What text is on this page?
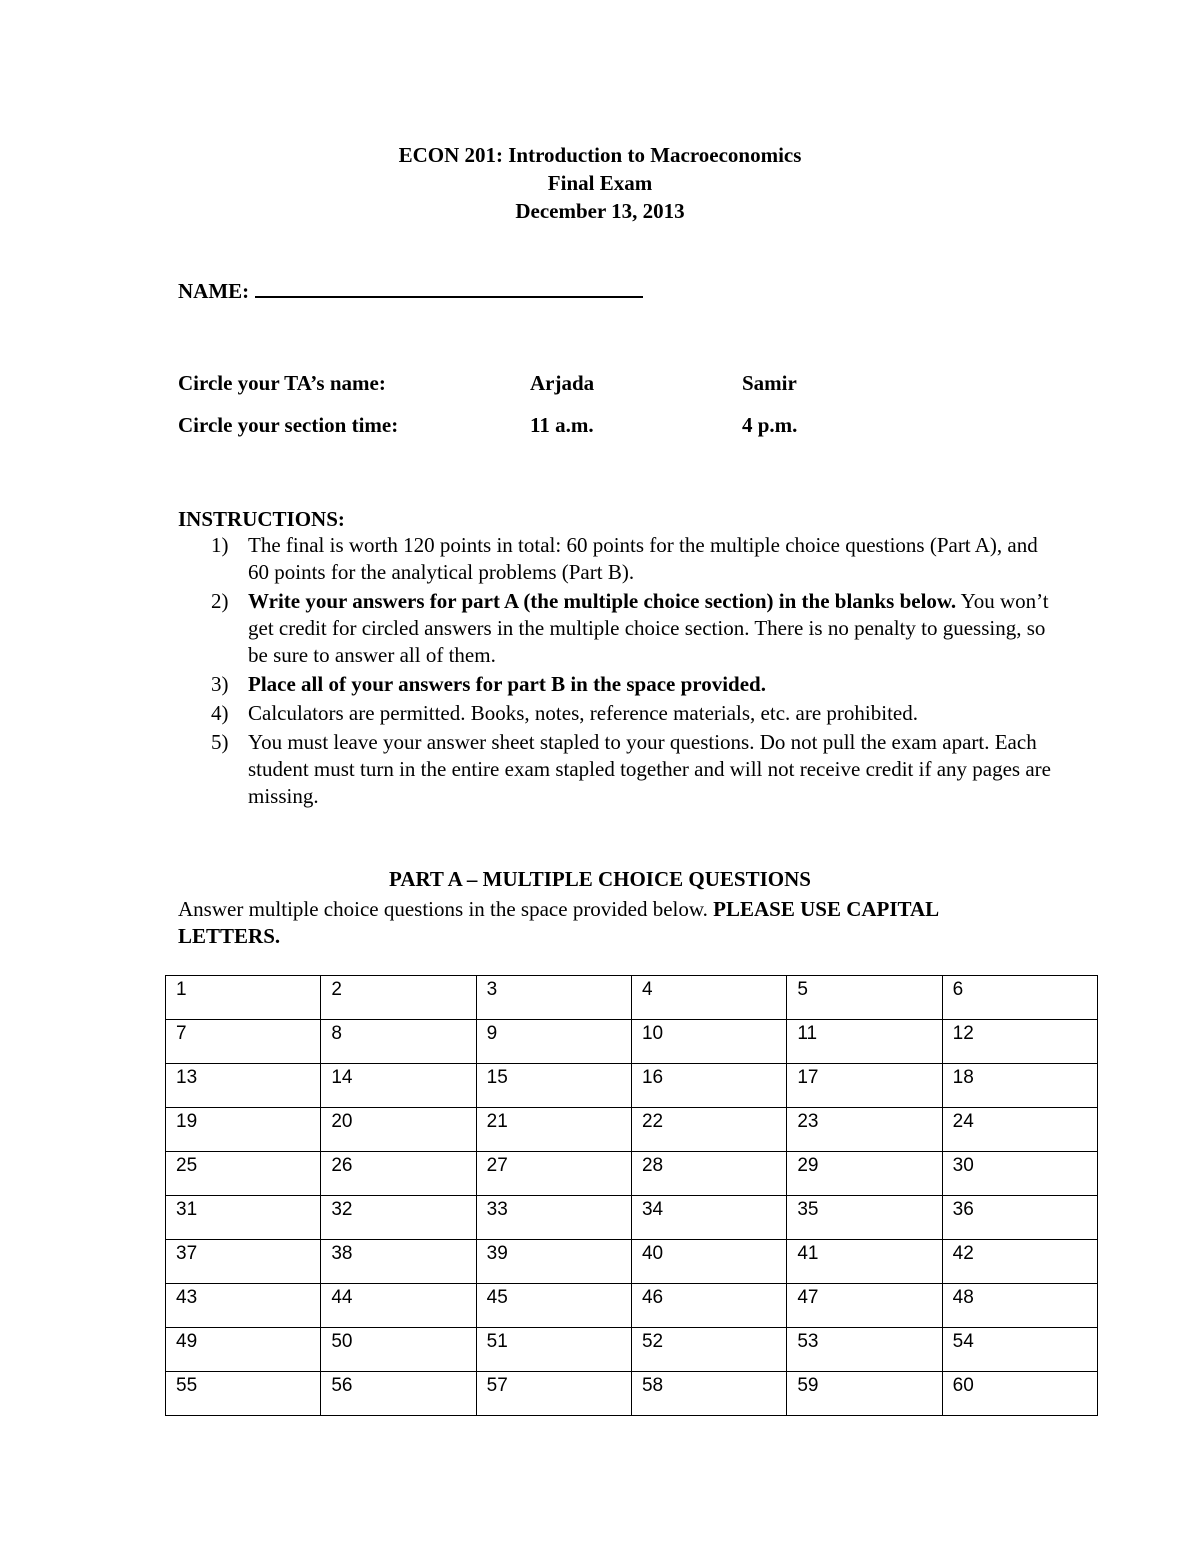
ECON 201: Introduction to Macroeconomics
Final Exam
December 13, 2013
NAME:
Circle your TA’s name:	Arjada	Samir
Circle your section time:	11 a.m.	4 p.m.
INSTRUCTIONS:
1) The final is worth 120 points in total: 60 points for the multiple choice questions (Part A), and 60 points for the analytical problems (Part B).
2) Write your answers for part A (the multiple choice section) in the blanks below. You won’t get credit for circled answers in the multiple choice section. There is no penalty to guessing, so be sure to answer all of them.
3) Place all of your answers for part B in the space provided.
4) Calculators are permitted. Books, notes, reference materials, etc. are prohibited.
5) You must leave your answer sheet stapled to your questions. Do not pull the exam apart. Each student must turn in the entire exam stapled together and will not receive credit if any pages are missing.
PART A – MULTIPLE CHOICE QUESTIONS
Answer multiple choice questions in the space provided below. PLEASE USE CAPITAL LETTERS.
1	2	3	4	5	6
7	8	9	10	11	12
13	14	15	16	17	18
19	20	21	22	23	24
25	26	27	28	29	30
31	32	33	34	35	36
37	38	39	40	41	42
43	44	45	46	47	48
49	50	51	52	53	54
55	56	57	58	59	60
